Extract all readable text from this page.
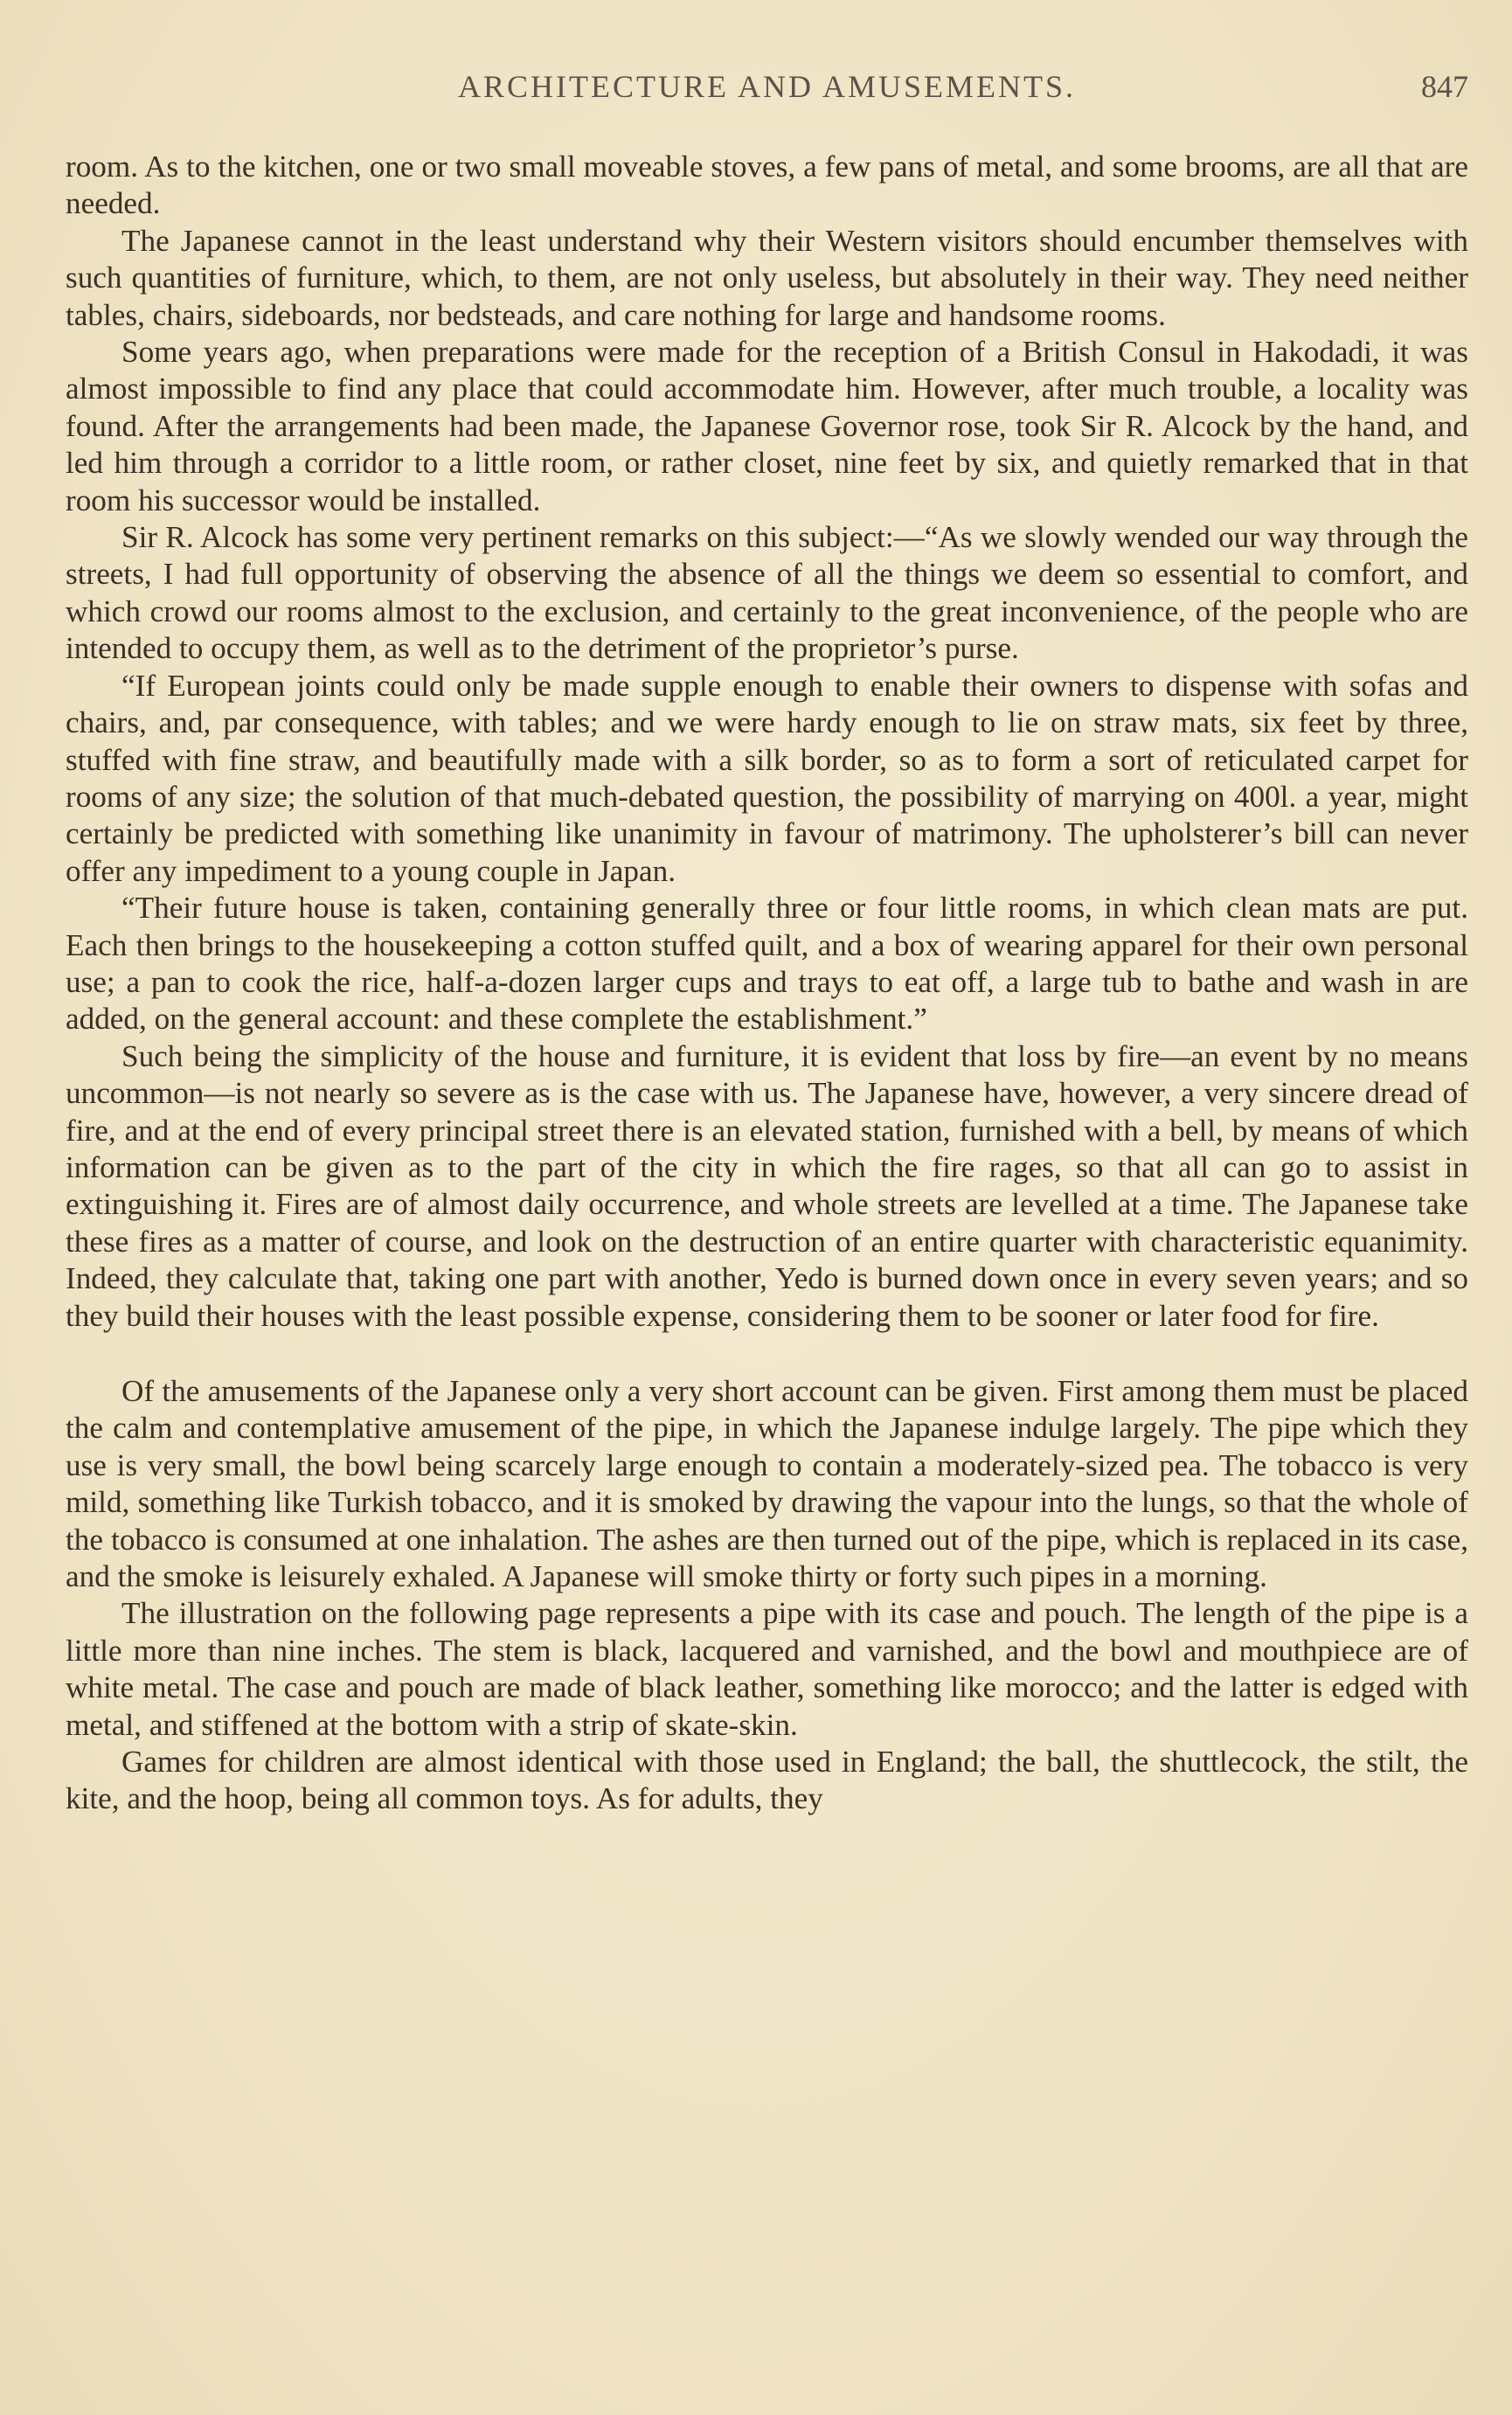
ARCHITECTURE AND AMUSEMENTS.	847

room. As to the kitchen, one or two small moveable stoves, a few pans of metal, and some brooms, are all that are needed.

The Japanese cannot in the least understand why their Western visitors should encumber themselves with such quantities of furniture, which, to them, are not only useless, but absolutely in their way. They need neither tables, chairs, sideboards, nor bedsteads, and care nothing for large and handsome rooms.

Some years ago, when preparations were made for the reception of a British Consul in Hakodadi, it was almost impossible to find any place that could accommodate him. However, after much trouble, a locality was found. After the arrangements had been made, the Japanese Governor rose, took Sir R. Alcock by the hand, and led him through a corridor to a little room, or rather closet, nine feet by six, and quietly remarked that in that room his successor would be installed.

Sir R. Alcock has some very pertinent remarks on this subject:—“As we slowly wended our way through the streets, I had full opportunity of observing the absence of all the things we deem so essential to comfort, and which crowd our rooms almost to the exclusion, and certainly to the great inconvenience, of the people who are intended to occupy them, as well as to the detriment of the proprietor’s purse.

“If European joints could only be made supple enough to enable their owners to dispense with sofas and chairs, and, par consequence, with tables; and we were hardy enough to lie on straw mats, six feet by three, stuffed with fine straw, and beautifully made with a silk border, so as to form a sort of reticulated carpet for rooms of any size; the solution of that much-debated question, the possibility of marrying on 400l. a year, might certainly be predicted with something like unanimity in favour of matrimony. The upholsterer’s bill can never offer any impediment to a young couple in Japan.

“Their future house is taken, containing generally three or four little rooms, in which clean mats are put. Each then brings to the housekeeping a cotton stuffed quilt, and a box of wearing apparel for their own personal use; a pan to cook the rice, half-a-dozen larger cups and trays to eat off, a large tub to bathe and wash in are added, on the general account: and these complete the establishment.”

Such being the simplicity of the house and furniture, it is evident that loss by fire—an event by no means uncommon—is not nearly so severe as is the case with us. The Japanese have, however, a very sincere dread of fire, and at the end of every principal street there is an elevated station, furnished with a bell, by means of which information can be given as to the part of the city in which the fire rages, so that all can go to assist in extinguishing it. Fires are of almost daily occurrence, and whole streets are levelled at a time. The Japanese take these fires as a matter of course, and look on the destruction of an entire quarter with characteristic equanimity. Indeed, they calculate that, taking one part with another, Yedo is burned down once in every seven years; and so they build their houses with the least possible expense, considering them to be sooner or later food for fire.

Of the amusements of the Japanese only a very short account can be given. First among them must be placed the calm and contemplative amusement of the pipe, in which the Japanese indulge largely. The pipe which they use is very small, the bowl being scarcely large enough to contain a moderately-sized pea. The tobacco is very mild, something like Turkish tobacco, and it is smoked by drawing the vapour into the lungs, so that the whole of the tobacco is consumed at one inhalation. The ashes are then turned out of the pipe, which is replaced in its case, and the smoke is leisurely exhaled. A Japanese will smoke thirty or forty such pipes in a morning.

The illustration on the following page represents a pipe with its case and pouch. The length of the pipe is a little more than nine inches. The stem is black, lacquered and varnished, and the bowl and mouthpiece are of white metal. The case and pouch are made of black leather, something like morocco; and the latter is edged with metal, and stiffened at the bottom with a strip of skate-skin.

Games for children are almost identical with those used in England; the ball, the shuttlecock, the stilt, the kite, and the hoop, being all common toys. As for adults, they
